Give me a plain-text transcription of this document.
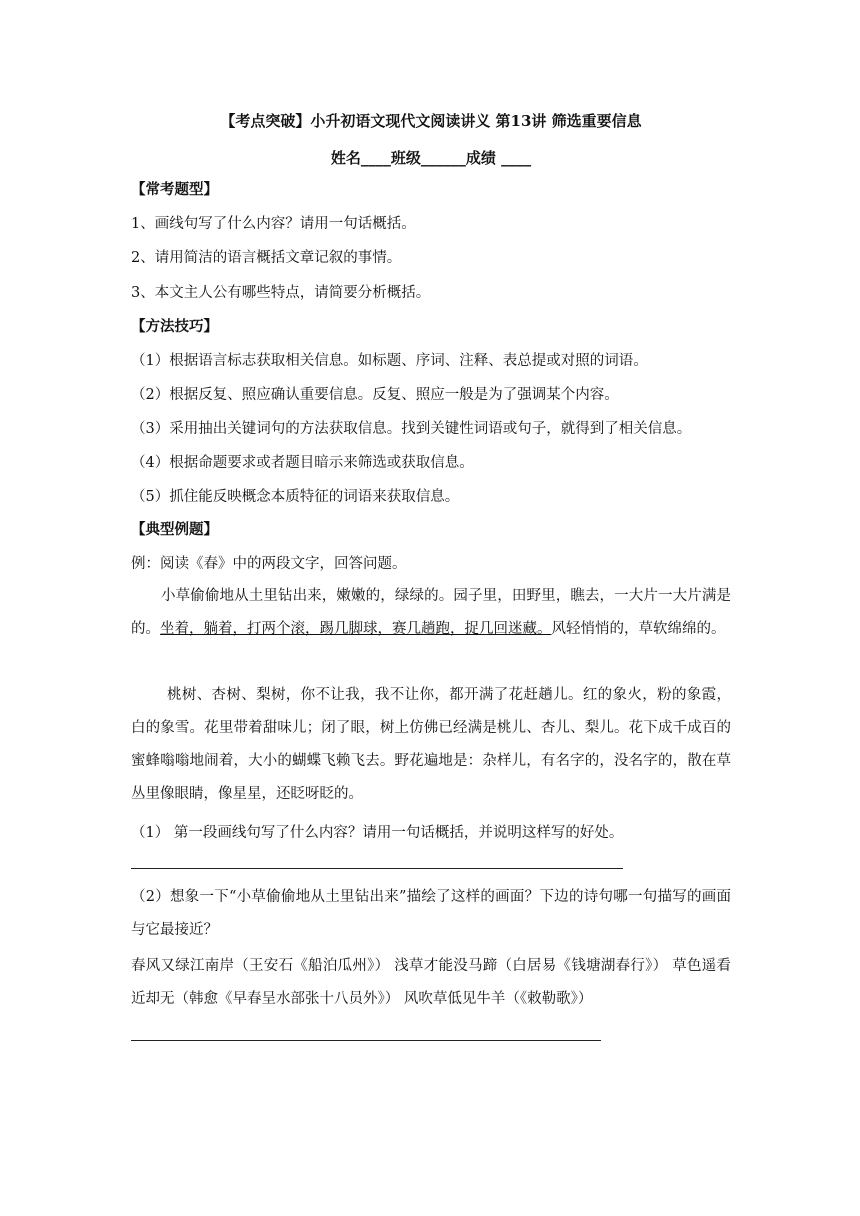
【考点突破】小升初语文现代文阅读讲义 第13讲 筛选重要信息
姓名____班级______成绩 ____
【常考题型】
1、画线句写了什么内容？请用一句话概括。
2、请用简洁的语言概括文章记叙的事情。
3、本文主人公有哪些特点，请简要分析概括。
【方法技巧】
（1）根据语言标志获取相关信息。如标题、序词、注释、表总提或对照的词语。
（2）根据反复、照应确认重要信息。反复、照应一般是为了强调某个内容。
（3）采用抽出关键词句的方法获取信息。找到关键性词语或句子，就得到了相关信息。
（4）根据命题要求或者题目暗示来筛选或获取信息。
（5）抓住能反映概念本质特征的词语来获取信息。
【典型例题】
例：阅读《春》中的两段文字，回答问题。
小草偷偷地从土里钻出来，嫩嫩的，绿绿的。园子里，田野里，瞧去，一大片一大片满是的。坐着，躺着，打两个滚，踢几脚球，赛几趟跑，捉几回迷藏。风轻悄悄的，草软绵绵的。
桃树、杏树、梨树，你不让我，我不让你，都开满了花赶趟儿。红的象火，粉的象霞，白的象雪。花里带着甜味儿；闭了眼，树上仿佛已经满是桃儿、杏儿、梨儿。花下成千成百的蜜蜂嗡嗡地闹着，大小的蝴蝶飞赖飞去。野花遍地是：杂样儿，有名字的，没名字的，散在草丛里像眼睛，像星星，还眨呀眨的。
（1） 第一段画线句写了什么内容？请用一句话概括，并说明这样写的好处。
（2）想象一下“小草偷偷地从土里钻出来”描绘了这样的画面？下边的诗句哪一句描写的画面与它最接近？
春风又绿江南岸（王安石《船泊瓜州》） 浅草才能没马蹄（白居易《钱塘湖春行》） 草色遥看近却无（韩愈《早春呈水部张十八员外》） 风吹草低见牛羊（《敕勒歌》）
